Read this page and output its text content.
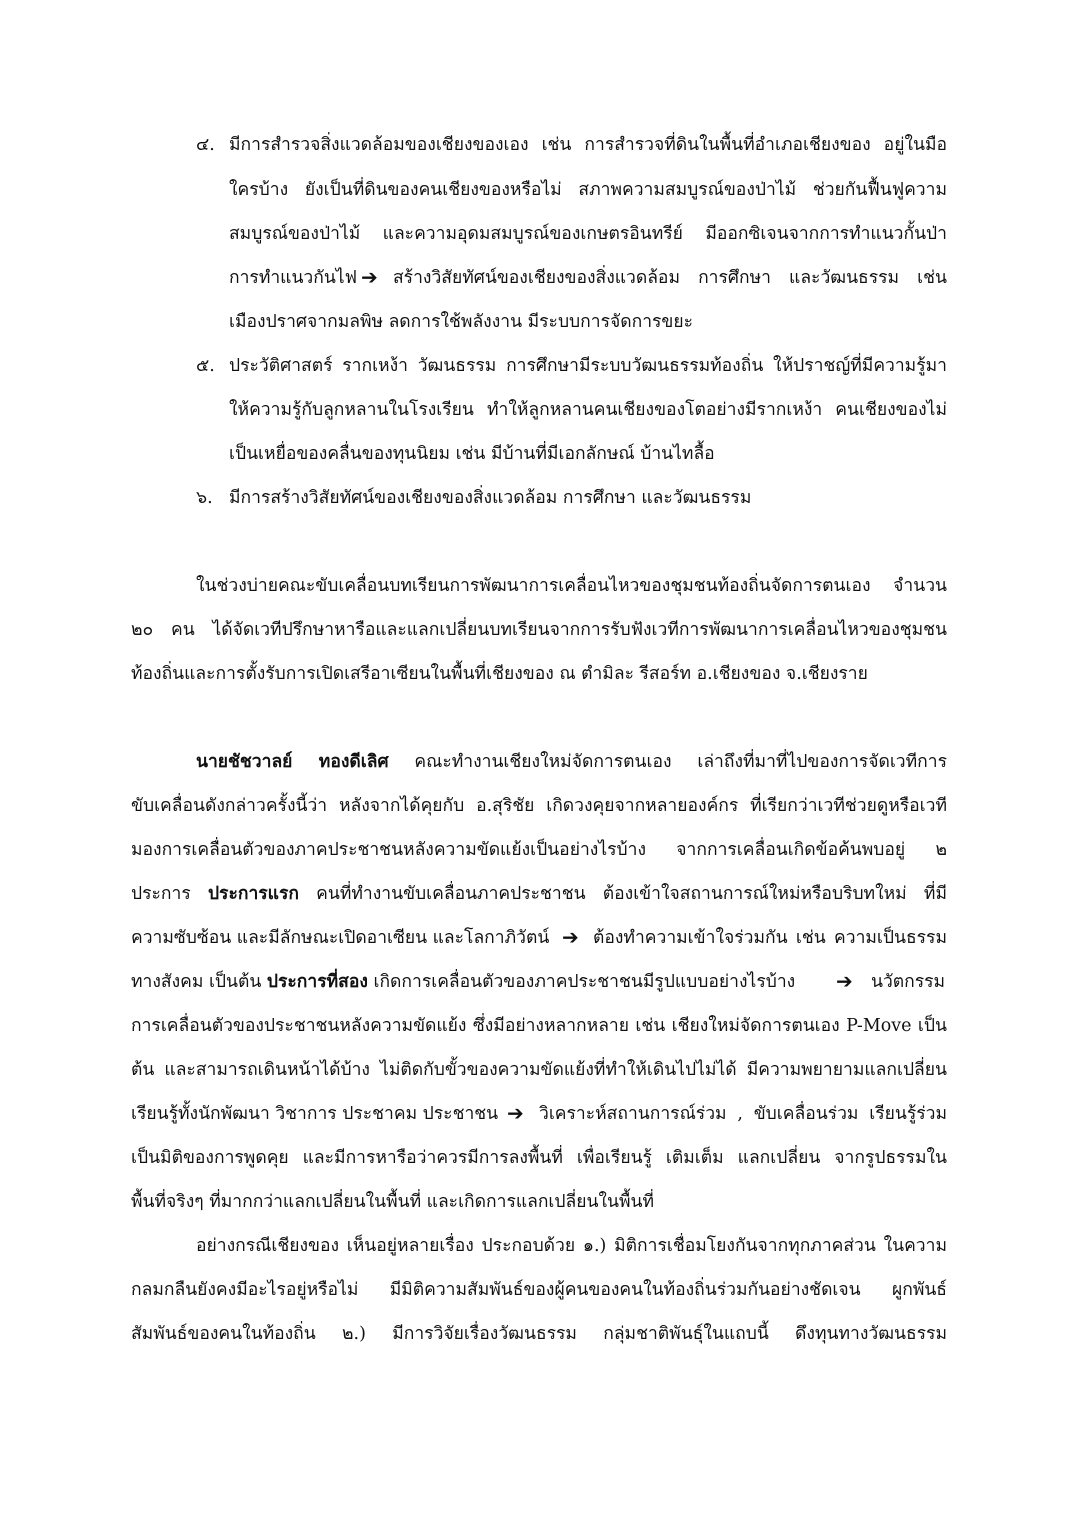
๔. มีการสำรวจสิ่งแวดล้อมของเชียงของเอง เช่น การสำรวจที่ดินในพื้นที่อำเภอเชียงของ อยู่ในมือ
ใครบ้าง ยังเป็นที่ดินของคนเชียงของหรือไม่ สภาพความสมบูรณ์ของป่าไม้ ช่วยกันฟื้นฟูความ
สมบูรณ์ของป่าไม้ และความอุดมสมบูรณ์ของเกษตรอินทรีย์ มีออกซิเจนจากการทำแนวกั้นป่า
การทำแนวกันไฟ ➔ สร้างวิสัยทัศน์ของเชียงของสิ่งแวดล้อม การศึกษา และวัฒนธรรม เช่น
เมืองปราศจากมลพิษ ลดการใช้พลังงาน มีระบบการจัดการขยะ
๕. ประวัติศาสตร์ รากเหง้า วัฒนธรรม การศึกษามีระบบวัฒนธรรมท้องถิ่น ให้ปราชญ์ที่มีความรู้มา
ให้ความรู้กับลูกหลานในโรงเรียน ทำให้ลูกหลานคนเชียงของโตอย่างมีรากเหง้า คนเชียงของไม่
เป็นเหยื่อของคลื่นของทุนนิยม เช่น มีบ้านที่มีเอกลักษณ์ บ้านไทลื้อ
๖. มีการสร้างวิสัยทัศน์ของเชียงของสิ่งแวดล้อม การศึกษา และวัฒนธรรม
ในช่วงบ่ายคณะขับเคลื่อนบทเรียนการพัฒนาการเคลื่อนไหวของชุมชนท้องถิ่นจัดการตนเอง จำนวน
๒๐ คน ได้จัดเวทีปรึกษาหารือและแลกเปลี่ยนบทเรียนจากการรับฟังเวทีการพัฒนาการเคลื่อนไหวของชุมชน
ท้องถิ่นและการตั้งรับการเปิดเสรีอาเซียนในพื้นที่เชียงของ ณ ตำมิละ รีสอร์ท อ.เชียงของ จ.เชียงราย
นายชัชวาลย์ ทองดีเลิศ คณะทำงานเชียงใหม่จัดการตนเอง เล่าถึงที่มาที่ไปของการจัดเวทีการ
ขับเคลื่อนดังกล่าวครั้งนี้ว่า หลังจากได้คุยกับ อ.สุริชัย เกิดวงคุยจากหลายองค์กร ที่เรียกว่าเวทีช่วยดูหรือเวที
มองการเคลื่อนตัวของภาคประชาชนหลังความขัดแย้งเป็นอย่างไรบ้าง จากการเคลื่อนเกิดข้อค้นพบอยู่ ๒
ประการ ประการแรก คนที่ทำงานขับเคลื่อนภาคประชาชน ต้องเข้าใจสถานการณ์ใหม่หรือบริบทใหม่ ที่มี
ความซับซ้อน และมีลักษณะเปิดอาเซียน และโลกาภิวัตน์ ➔ ต้องทำความเข้าใจร่วมกัน เช่น ความเป็นธรรม
ทางสังคม เป็นต้น ประการที่สอง เกิดการเคลื่อนตัวของภาคประชาชนมีรูปแบบอย่างไรบ้าง ➔ นวัตกรรม
การเคลื่อนตัวของประชาชนหลังความขัดแย้ง ซึ่งมีอย่างหลากหลาย เช่น เชียงใหม่จัดการตนเอง P-Move เป็น
ต้น และสามารถเดินหน้าได้บ้าง ไม่ติดกับขั้วของความขัดแย้งที่ทำให้เดินไปไม่ได้ มีความพยายามแลกเปลี่ยน
เรียนรู้ทั้งนักพัฒนา วิชาการ ประชาคม ประชาชน ➔ วิเคราะห์สถานการณ์ร่วม , ขับเคลื่อนร่วม เรียนรู้ร่วม
เป็นมิติของการพูดคุย และมีการหารือว่าควรมีการลงพื้นที่ เพื่อเรียนรู้ เติมเต็ม แลกเปลี่ยน จากรูปธรรมใน
พื้นที่จริงๆ ที่มากกว่าแลกเปลี่ยนในพื้นที่ และเกิดการแลกเปลี่ยนในพื้นที่
อย่างกรณีเชียงของ เห็นอยู่หลายเรื่อง ประกอบด้วย ๑.) มิติการเชื่อมโยงกันจากทุกภาคส่วน ในความ
กลมกลืนยังคงมีอะไรอยู่หรือไม่ มีมิติความสัมพันธ์ของผู้คนของคนในท้องถิ่นร่วมกันอย่างชัดเจน ผูกพันธ์
สัมพันธ์ของคนในท้องถิ่น ๒.) มีการวิจัยเรื่องวัฒนธรรม กลุ่มชาติพันธุ์ในแถบนี้ ดึงทุนทางวัฒนธรรม
